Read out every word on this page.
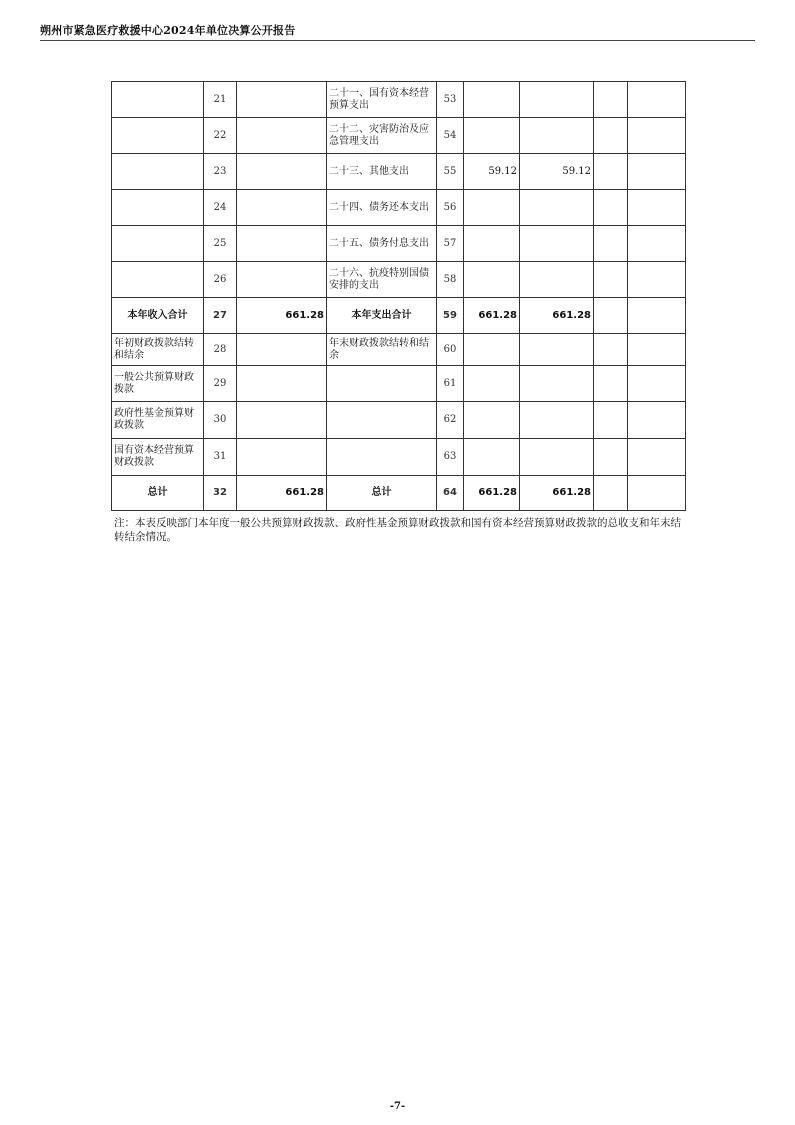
朔州市紧急医疗救援中心2024年单位决算公开报告
	21		二十一、国有资本经营预算支出	53				
	22		二十二、灾害防治及应急管理支出	54				
	23		二十三、其他支出	55	59.12	59.12		
	24		二十四、债务还本支出	56				
	25		二十五、债务付息支出	57				
	26		二十六、抗疫特别国债安排的支出	58				
本年收入合计	27	661.28	本年支出合计	59	661.28	661.28		
年初财政拨款结转和结余	28		年末财政拨款结转和结余	60				
一般公共预算财政拨款	29			61				
政府性基金预算财政拨款	30			62				
国有资本经营预算财政拨款	31			63				
总计	32	661.28	总计	64	661.28	661.28		
注：本表反映部门本年度一般公共预算财政拨款、政府性基金预算财政拨款和国有资本经营预算财政拨款的总收支和年末结转结余情况。
-7-
